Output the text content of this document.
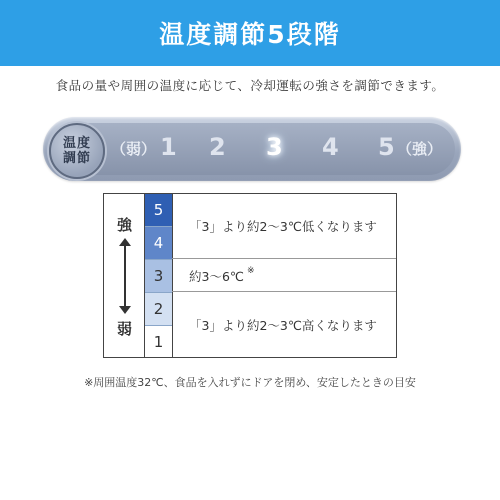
温度調節5段階
食品の量や周囲の温度に応じて、冷却運転の強さを調節できます。
温度
調節
（弱） 1 2 3 4 5 （強）
強
弱
5
4
3
2
1
「3」より約2～3℃低くなります
約3～6℃ ※
「3」より約2～3℃高くなります
※周囲温度32℃、食品を入れずにドアを閉め、安定したときの目安
